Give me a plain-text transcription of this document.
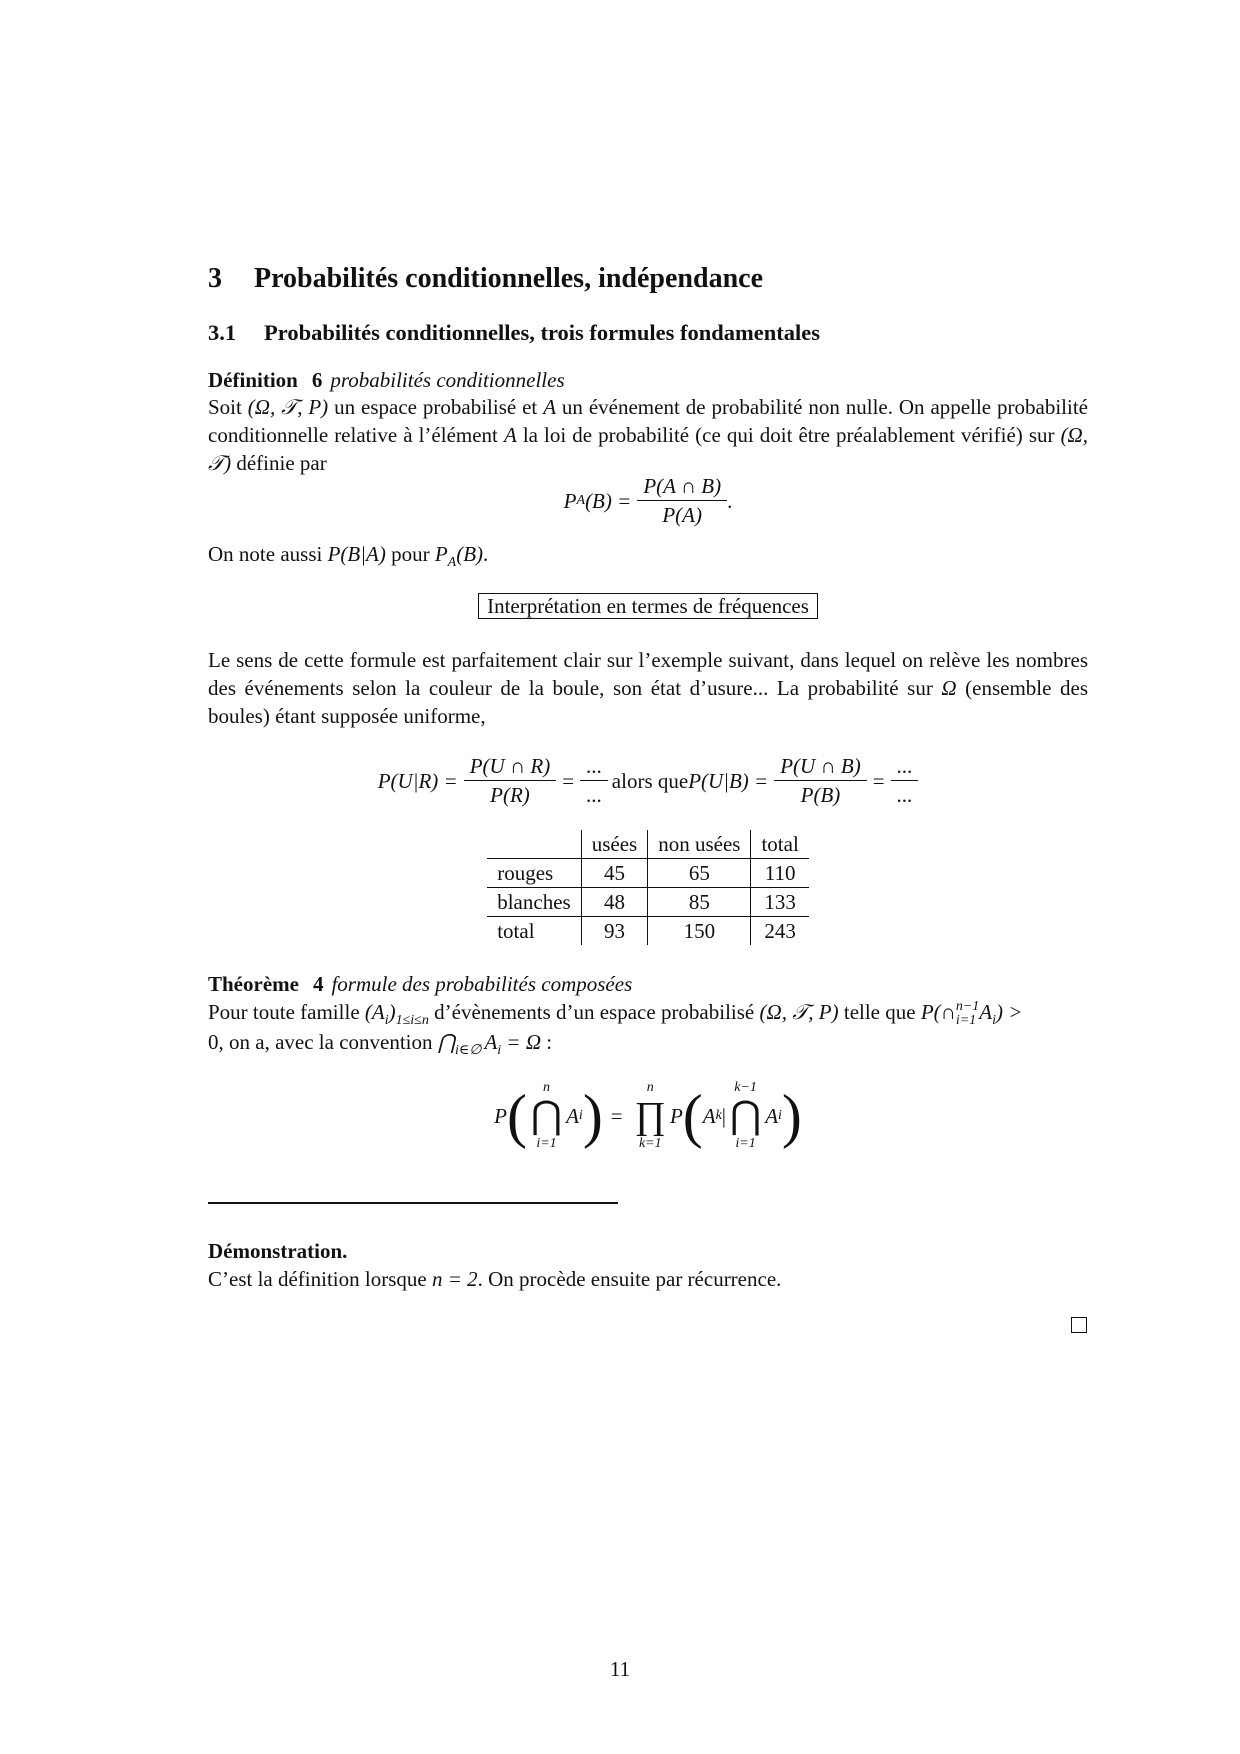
3 Probabilités conditionnelles, indépendance
3.1 Probabilités conditionnelles, trois formules fondamentales
Définition 6 probabilités conditionnelles
Soit (Ω, 𝒯, P) un espace probabilisé et A un événement de probabilité non nulle. On appelle probabilité conditionnelle relative à l’élément A la loi de probabilité (ce qui doit être préalablement vérifié) sur (Ω, 𝒯) définie par
P A $(B) = \frac{P(A \cap B)}{P(A)}$ .
On note aussi P(B|A) pour $P_A(B)$.
Interprétation en termes de fréquences
Le sens de cette formule est parfaitement clair sur l’exemple suivant, dans lequel on relève les nombres des événements selon la couleur de la boule, son état d’usure... La probabilité sur Ω (ensemble des boules) étant supposée uniforme,
$P(U|R) = \frac{P(U \cap R)}{P(R)} = \frac{...}{...}$ alors que $P(U|B) = \frac{P(U \cap B)}{P(B)} = \frac{...}{...}$
	usées	non usées	total
rouges	45	65	110
blanches	48	85	133
total	93	150	243
Théorème 4 formule des probabilités composées
Pour toute famille $(A_i)_{1\le i\le n}$ d’évènements d’un espace probabilisé (Ω, 𝒯, P) telle que P(∩ n−1
i=1 $A_i$) >
0, on a, avec la convention $⋂_{i\in\emptyset}$ $A_i = \Omega$ :
P ( n
⋂
i=1
A i ) =
n
∏
k=1
P ( A k |
k−1
⋂
i=1
A i )
Démonstration.
C’est la définition lorsque n = 2. On procède ensuite par récurrence.
11
